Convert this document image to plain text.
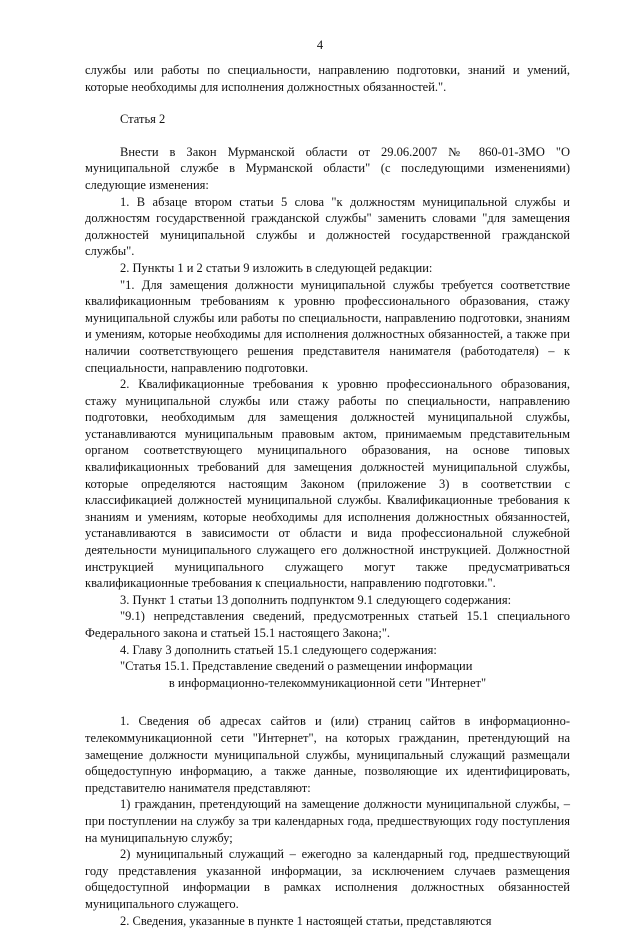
4

службы или работы по специальности, направлению подготовки, знаний и умений, которые необходимы для исполнения должностных обязанностей.".

Статья 2

Внести в Закон Мурманской области от 29.06.2007 № 860-01-ЗМО "О муниципальной службе в Мурманской области" (с последующими изменениями) следующие изменения:

1. В абзаце втором статьи 5 слова "к должностям муниципальной службы и должностям государственной гражданской службы" заменить словами "для замещения должностей муниципальной службы и должностей государственной гражданской службы".

2. Пункты 1 и 2 статьи 9 изложить в следующей редакции:

"1. Для замещения должности муниципальной службы требуется соответствие квалификационным требованиям к уровню профессионального образования, стажу муниципальной службы или работы по специальности, направлению подготовки, знаниям и умениям, которые необходимы для исполнения должностных обязанностей, а также при наличии соответствующего решения представителя нанимателя (работодателя) – к специальности, направлению подготовки.

2. Квалификационные требования к уровню профессионального образования, стажу муниципальной службы или стажу работы по специальности, направлению подготовки, необходимым для замещения должностей муниципальной службы, устанавливаются муниципальным правовым актом, принимаемым представительным органом соответствующего муниципального образования, на основе типовых квалификационных требований для замещения должностей муниципальной службы, которые определяются настоящим Законом (приложение 3) в соответствии с классификацией должностей муниципальной службы. Квалификационные требования к знаниям и умениям, которые необходимы для исполнения должностных обязанностей, устанавливаются в зависимости от области и вида профессиональной служебной деятельности муниципального служащего его должностной инструкцией. Должностной инструкцией муниципального служащего могут также предусматриваться квалификационные требования к специальности, направлению подготовки.".

3. Пункт 1 статьи 13 дополнить подпунктом 9.1 следующего содержания:

"9.1) непредставления сведений, предусмотренных статьей 15.1 специального Федерального закона и статьей 15.1 настоящего Закона;".

4. Главу 3 дополнить статьей 15.1 следующего содержания:

"Статья 15.1. Представление сведений о размещении информации

в информационно-телекоммуникационной сети "Интернет"

1. Сведения об адресах сайтов и (или) страниц сайтов в информационно-телекоммуникационной сети "Интернет", на которых гражданин, претендующий на замещение должности муниципальной службы, муниципальный служащий размещали общедоступную информацию, а также данные, позволяющие их идентифицировать, представителю нанимателя представляют:

1) гражданин, претендующий на замещение должности муниципальной службы, – при поступлении на службу за три календарных года, предшествующих году поступления на муниципальную службу;

2) муниципальный служащий – ежегодно за календарный год, предшествующий году представления указанной информации, за исключением случаев размещения общедоступной информации в рамках исполнения должностных обязанностей муниципального служащего.

2. Сведения, указанные в пункте 1 настоящей статьи, представляются
